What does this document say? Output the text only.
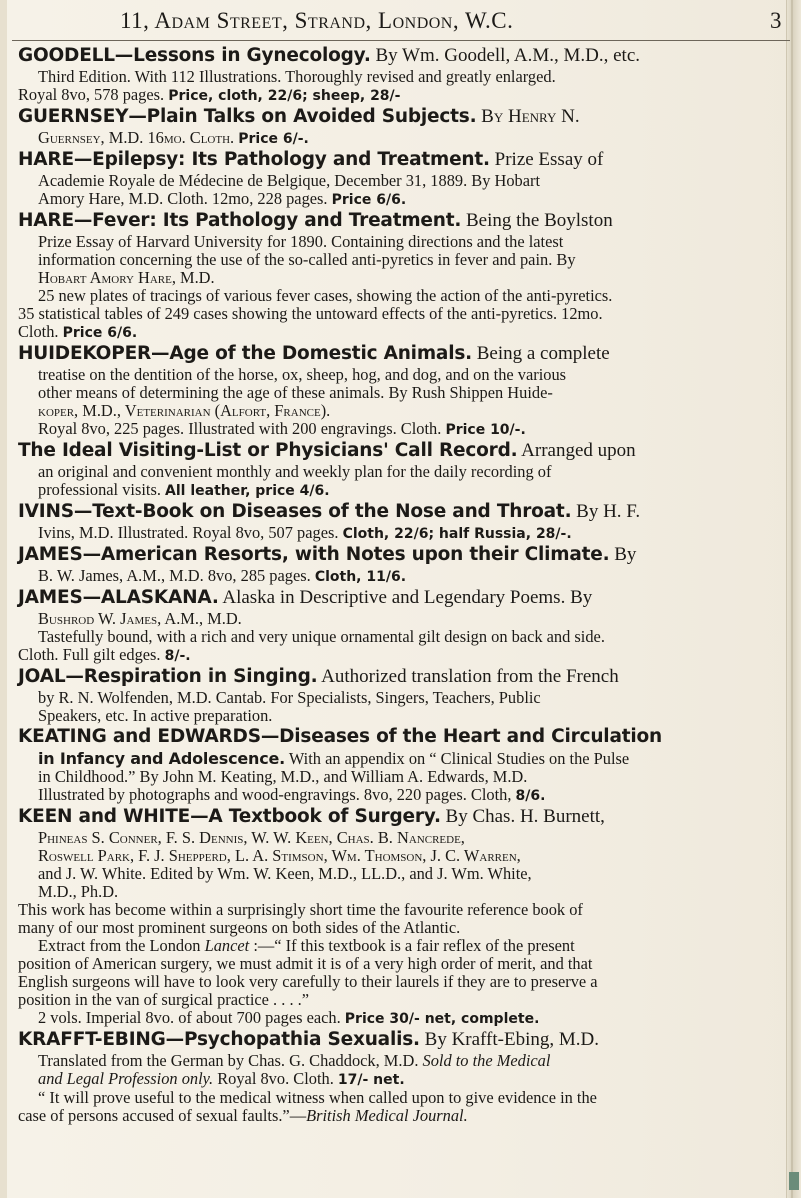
11, Adam Street, Strand, London, W.C.	3
GOODELL—Lessons in Gynecology. By Wm. Goodell, A.M., M.D., etc.
Third Edition. With 112 Illustrations. Thoroughly revised and greatly enlarged.
Royal 8vo, 578 pages. Price, cloth, 22/6; sheep, 28/-
GUERNSEY—Plain Talks on Avoided Subjects. By Henry N.
Guernsey, M.D. 16mo. Cloth. Price 6/-.
HARE—Epilepsy: Its Pathology and Treatment. Prize Essay of
Academie Royale de Médecine de Belgique, December 31, 1889. By Hobart
Amory Hare, M.D. Cloth. 12mo, 228 pages. Price 6/6.
HARE—Fever: Its Pathology and Treatment. Being the Boylston
Prize Essay of Harvard University for 1890. Containing directions and the latest
information concerning the use of the so-called anti-pyretics in fever and pain. By
Hobart Amory Hare, M.D.
25 new plates of tracings of various fever cases, showing the action of the anti-pyretics.
35 statistical tables of 249 cases showing the untoward effects of the anti-pyretics. 12mo.
Cloth. Price 6/6.
HUIDEKOPER—Age of the Domestic Animals. Being a complete
treatise on the dentition of the horse, ox, sheep, hog, and dog, and on the various
other means of determining the age of these animals. By Rush Shippen Huide-
koper, M.D., Veterinarian (Alfort, France).
Royal 8vo, 225 pages. Illustrated with 200 engravings. Cloth. Price 10/-.
The Ideal Visiting-List or Physicians' Call Record. Arranged upon
an original and convenient monthly and weekly plan for the daily recording of
professional visits. All leather, price 4/6.
IVINS—Text-Book on Diseases of the Nose and Throat. By H. F.
Ivins, M.D. Illustrated. Royal 8vo, 507 pages. Cloth, 22/6; half Russia, 28/-.
JAMES—American Resorts, with Notes upon their Climate. By
B. W. James, A.M., M.D. 8vo, 285 pages. Cloth, 11/6.
JAMES—ALASKANA. Alaska in Descriptive and Legendary Poems. By
Bushrod W. James, A.M., M.D.
Tastefully bound, with a rich and very unique ornamental gilt design on back and side.
Cloth. Full gilt edges. 8/-.
JOAL—Respiration in Singing. Authorized translation from the French
by R. N. Wolfenden, M.D. Cantab. For Specialists, Singers, Teachers, Public
Speakers, etc. In active preparation.
KEATING and EDWARDS—Diseases of the Heart and Circulation
in Infancy and Adolescence. With an appendix on “ Clinical Studies on the Pulse
in Childhood.” By John M. Keating, M.D., and William A. Edwards, M.D.
Illustrated by photographs and wood-engravings. 8vo, 220 pages. Cloth, 8/6.
KEEN and WHITE—A Textbook of Surgery. By Chas. H. Burnett,
Phineas S. Conner, F. S. Dennis, W. W. Keen, Chas. B. Nancrede,
Roswell Park, F. J. Shepperd, L. A. Stimson, Wm. Thomson, J. C. Warren,
and J. W. White. Edited by Wm. W. Keen, M.D., LL.D., and J. Wm. White,
M.D., Ph.D.
This work has become within a surprisingly short time the favourite reference book of
many of our most prominent surgeons on both sides of the Atlantic.
Extract from the London Lancet :—“ If this textbook is a fair reflex of the present
position of American surgery, we must admit it is of a very high order of merit, and that
English surgeons will have to look very carefully to their laurels if they are to preserve a
position in the van of surgical practice . . . .”
2 vols. Imperial 8vo. of about 700 pages each. Price 30/- net, complete.
KRAFFT-EBING—Psychopathia Sexualis. By Krafft-Ebing, M.D.
Translated from the German by Chas. G. Chaddock, M.D. Sold to the Medical
and Legal Profession only. Royal 8vo. Cloth. 17/- net.
“ It will prove useful to the medical witness when called upon to give evidence in the
case of persons accused of sexual faults.”—British Medical Journal.
